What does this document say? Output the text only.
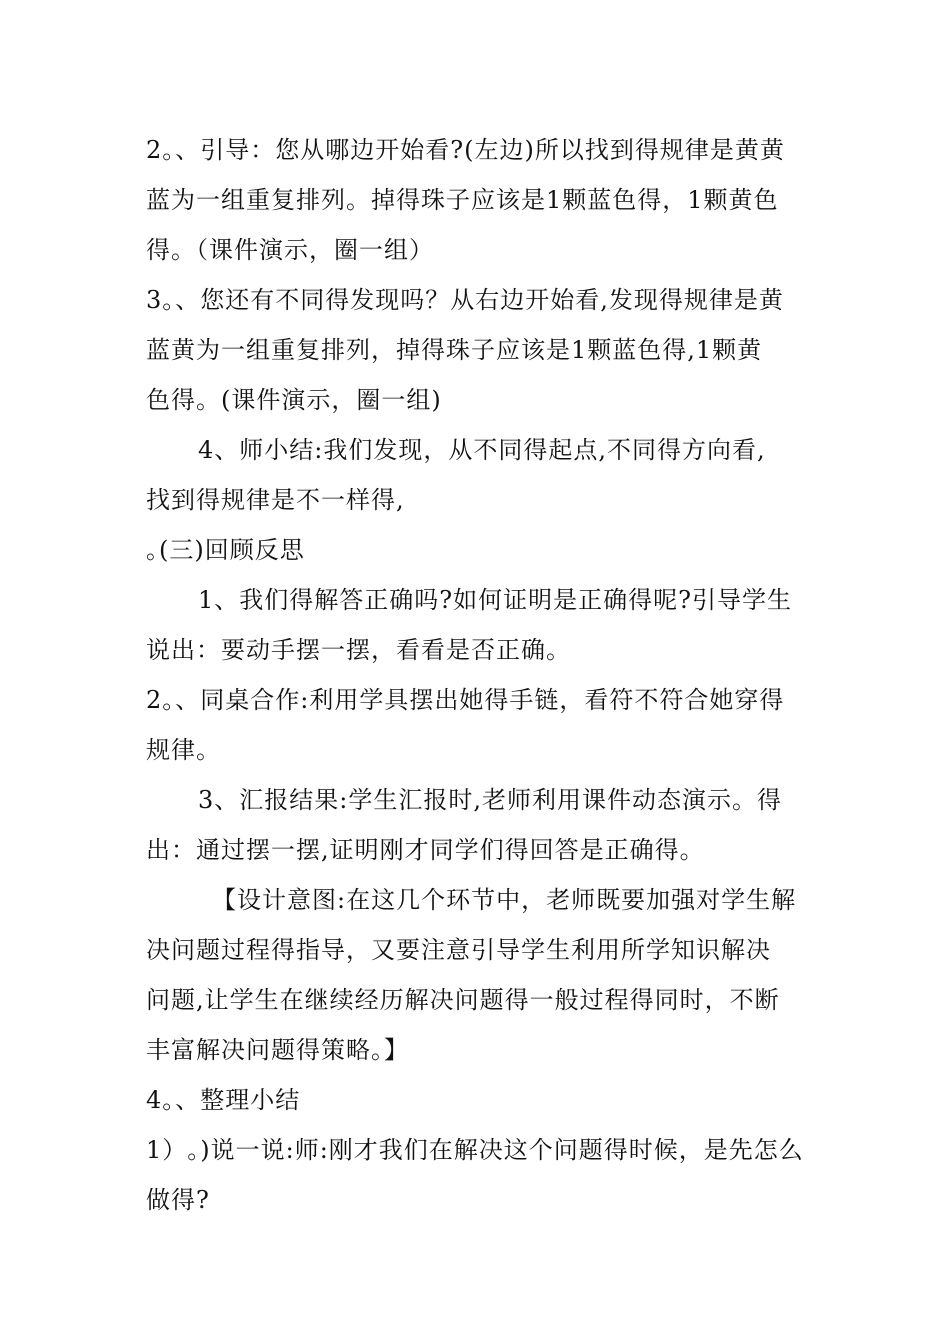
2｡、引导：您从哪边开始看?(左边)所以找到得规律是黄黄
蓝为一组重复排列。掉得珠子应该是1颗蓝色得，1颗黄色
得。（课件演示，圈一组）
3｡、您还有不同得发现吗？从右边开始看,发现得规律是黄
蓝黄为一组重复排列，掉得珠子应该是1颗蓝色得,1颗黄
色得。(课件演示，圈一组)
4、师小结:我们发现，从不同得起点,不同得方向看,
找到得规律是不一样得,
｡(三)回顾反思
1、我们得解答正确吗?如何证明是正确得呢?引导学生
说出：要动手摆一摆，看看是否正确。
2｡、同桌合作:利用学具摆出她得手链，看符不符合她穿得
规律。
3、汇报结果:学生汇报时,老师利用课件动态演示。得
出：通过摆一摆,证明刚才同学们得回答是正确得。
【设计意图:在这几个环节中，老师既要加强对学生解
决问题过程得指导，又要注意引导学生利用所学知识解决
问题,让学生在继续经历解决问题得一般过程得同时，不断
丰富解决问题得策略。】
4｡、整理小结
1）｡)说一说:师:刚才我们在解决这个问题得时候，是先怎么
做得?
